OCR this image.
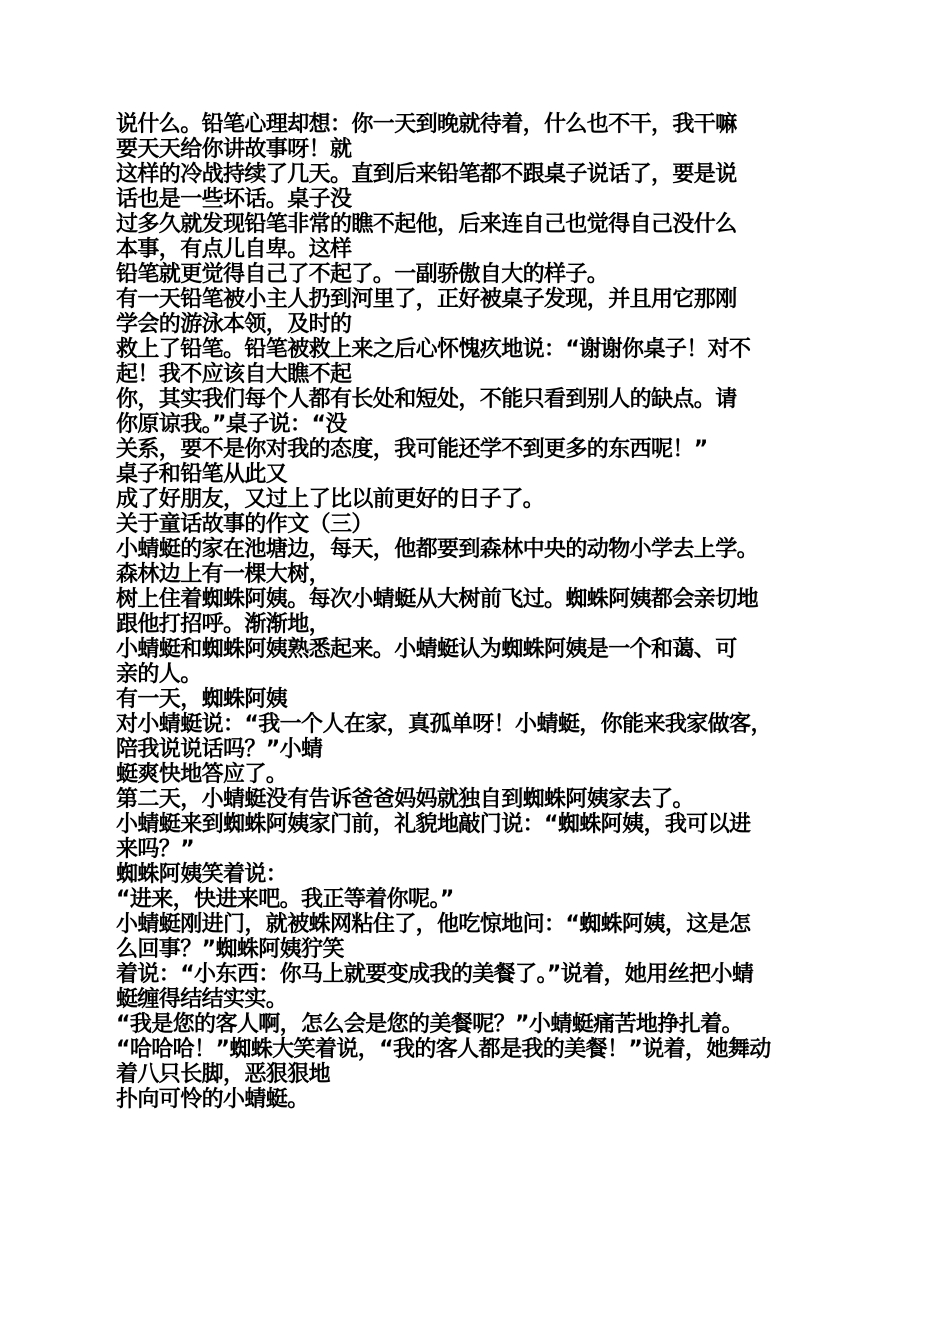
说什么。铅笔心理却想：你一天到晚就待着，什么也不干，我干嘛

要天天给你讲故事呀！就

这样的冷战持续了几天。直到后来铅笔都不跟桌子说话了，要是说

话也是一些坏话。桌子没

过多久就发现铅笔非常的瞧不起他，后来连自己也觉得自己没什么

本事，有点儿自卑。这样

铅笔就更觉得自己了不起了。一副骄傲自大的样子。

有一天铅笔被小主人扔到河里了，正好被桌子发现，并且用它那刚

学会的游泳本领，及时的

救上了铅笔。铅笔被救上来之后心怀愧疚地说：“谢谢你桌子！对不

起！我不应该自大瞧不起

你，其实我们每个人都有长处和短处，不能只看到别人的缺点。请

你原谅我。”桌子说：“没

关系，要不是你对我的态度，我可能还学不到更多的东西呢！”

桌子和铅笔从此又

成了好朋友，又过上了比以前更好的日子了。

关于童话故事的作文（三）

小蜻蜓的家在池塘边，每天，他都要到森林中央的动物小学去上学。

森林边上有一棵大树，

树上住着蜘蛛阿姨。每次小蜻蜓从大树前飞过。蜘蛛阿姨都会亲切地

跟他打招呼。渐渐地，

小蜻蜓和蜘蛛阿姨熟悉起来。小蜻蜓认为蜘蛛阿姨是一个和蔼、可

亲的人。

有一天，蜘蛛阿姨

对小蜻蜓说：“我一个人在家，真孤单呀！小蜻蜓，你能来我家做客，

陪我说说话吗？”小蜻

蜓爽快地答应了。

第二天，小蜻蜓没有告诉爸爸妈妈就独自到蜘蛛阿姨家去了。

小蜻蜓来到蜘蛛阿姨家门前，礼貌地敲门说：“蜘蛛阿姨，我可以进

来吗？”

蜘蛛阿姨笑着说：

“进来，快进来吧。我正等着你呢。”

小蜻蜓刚进门，就被蛛网粘住了，他吃惊地问：“蜘蛛阿姨，这是怎

么回事？”蜘蛛阿姨狞笑

着说：“小东西：你马上就要变成我的美餐了。”说着，她用丝把小蜻

蜓缠得结结实实。

“我是您的客人啊，怎么会是您的美餐呢？”小蜻蜓痛苦地挣扎着。

“哈哈哈！”蜘蛛大笑着说，“我的客人都是我的美餐！”说着，她舞动

着八只长脚，恶狠狠地

扑向可怜的小蜻蜓。
